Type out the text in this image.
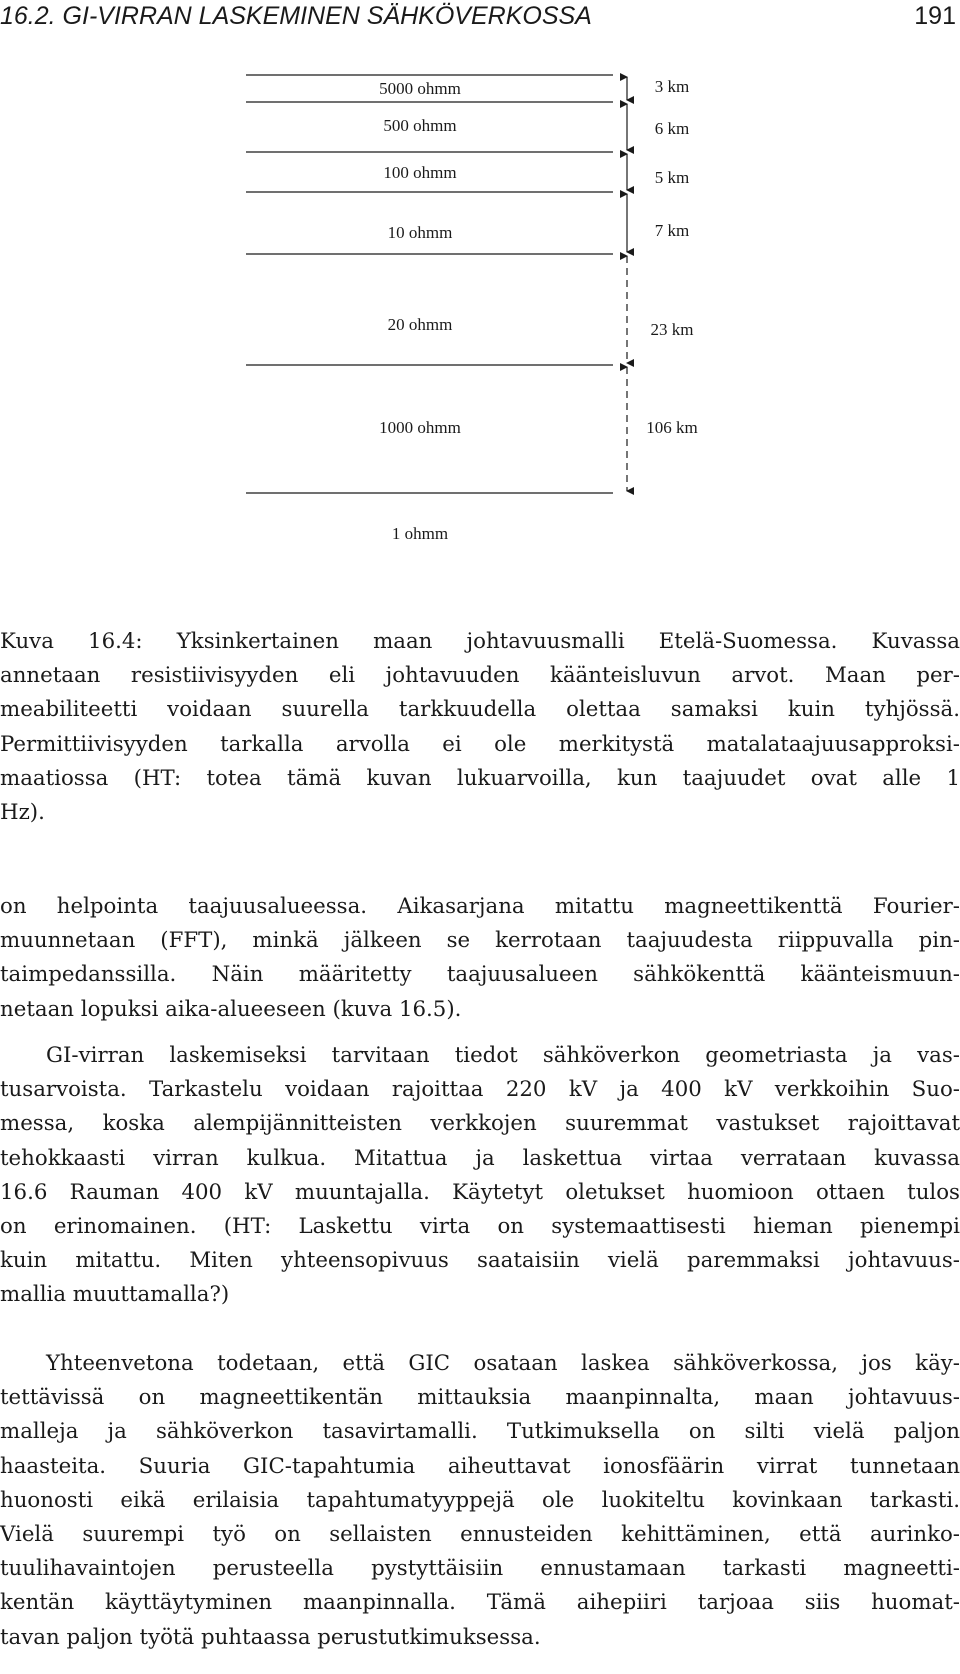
16.2. GI-VIRRAN LASKEMINEN SÄHKÖVERKOSSA	191
5000 ohmm
500 ohmm
100 ohmm
10 ohmm
20 ohmm
1000 ohmm
1 ohmm
3 km
6 km
5 km
7 km
23 km
106 km
Kuva 16.4: Yksinkertainen maan johtavuusmalli Etelä-Suomessa. Kuvassa
annetaan resistiivisyyden eli johtavuuden käänteisluvun arvot. Maan per-
meabiliteetti voidaan suurella tarkkuudella olettaa samaksi kuin tyhjössä.
Permittiivisyyden tarkalla arvolla ei ole merkitystä matalataajuusapproksi-
maatiossa (HT: totea tämä kuvan lukuarvoilla, kun taajuudet ovat alle 1
Hz).
on helpointa taajuusalueessa. Aikasarjana mitattu magneettikenttä Fourier-
muunnetaan (FFT), minkä jälkeen se kerrotaan taajuudesta riippuvalla pin-
taimpedanssilla. Näin määritetty taajuusalueen sähkökenttä käänteismuun-
netaan lopuksi aika-alueeseen (kuva 16.5).
GI-virran laskemiseksi tarvitaan tiedot sähköverkon geometriasta ja vas-
tusarvoista. Tarkastelu voidaan rajoittaa 220 kV ja 400 kV verkkoihin Suo-
messa, koska alempijännitteisten verkkojen suuremmat vastukset rajoittavat
tehokkaasti virran kulkua. Mitattua ja laskettua virtaa verrataan kuvassa
16.6 Rauman 400 kV muuntajalla. Käytetyt oletukset huomioon ottaen tulos
on erinomainen. (HT: Laskettu virta on systemaattisesti hieman pienempi
kuin mitattu. Miten yhteensopivuus saataisiin vielä paremmaksi johtavuus-
mallia muuttamalla?)
Yhteenvetona todetaan, että GIC osataan laskea sähköverkossa, jos käy-
tettävissä on magneettikentän mittauksia maanpinnalta, maan johtavuus-
malleja ja sähköverkon tasavirtamalli. Tutkimuksella on silti vielä paljon
haasteita. Suuria GIC-tapahtumia aiheuttavat ionosfäärin virrat tunnetaan
huonosti eikä erilaisia tapahtumatyyppejä ole luokiteltu kovinkaan tarkasti.
Vielä suurempi työ on sellaisten ennusteiden kehittäminen, että aurinko-
tuulihavaintojen perusteella pystyttäisiin ennustamaan tarkasti magneetti-
kentän käyttäytyminen maanpinnalla. Tämä aihepiiri tarjoaa siis huomat-
tavan paljon työtä puhtaassa perustutkimuksessa.
